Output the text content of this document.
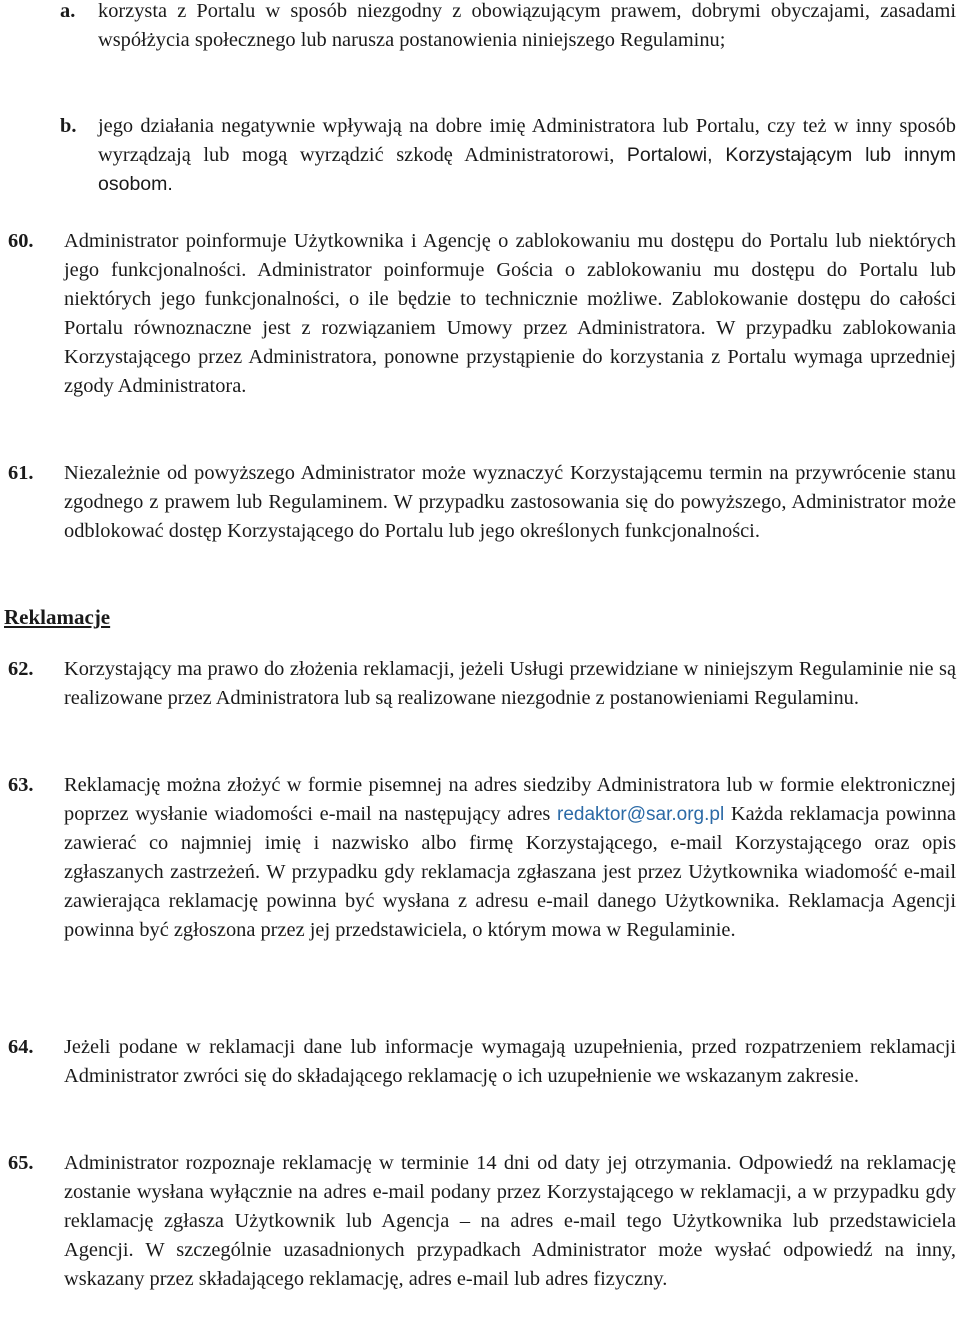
a.	korzysta z Portalu w sposób niezgodny z obowiązującym prawem, dobrymi obyczajami, zasadami współżycia społecznego lub narusza postanowienia niniejszego Regulaminu;
b.	jego działania negatywnie wpływają na dobre imię Administratora lub Portalu, czy też w inny sposób wyrządzają lub mogą wyrządzić szkodę Administratorowi, Portalowi, Korzystającym lub innym osobom.
60.	Administrator poinformuje Użytkownika i Agencję o zablokowaniu mu dostępu do Portalu lub niektórych jego funkcjonalności. Administrator poinformuje Gościa o zablokowaniu mu dostępu do Portalu lub niektórych jego funkcjonalności, o ile będzie to technicznie możliwe. Zablokowanie dostępu do całości Portalu równoznaczne jest z rozwiązaniem Umowy przez Administratora. W przypadku zablokowania Korzystającego przez Administratora, ponowne przystąpienie do korzystania z Portalu wymaga uprzedniej zgody Administratora.
61.	Niezależnie od powyższego Administrator może wyznaczyć Korzystającemu termin na przywrócenie stanu zgodnego z prawem lub Regulaminem. W przypadku zastosowania się do powyższego, Administrator może odblokować dostęp Korzystającego do Portalu lub jego określonych funkcjonalności.
Reklamacje
62.	Korzystający ma prawo do złożenia reklamacji, jeżeli Usługi przewidziane w niniejszym Regulaminie nie są realizowane przez Administratora lub są realizowane niezgodnie z postanowieniami Regulaminu.
63.	Reklamację można złożyć w formie pisemnej na adres siedziby Administratora lub w formie elektronicznej poprzez wysłanie wiadomości e-mail na następujący adres redaktor@sar.org.pl Każda reklamacja powinna zawierać co najmniej imię i nazwisko albo firmę Korzystającego, e-mail Korzystającego oraz opis zgłaszanych zastrzeżeń. W przypadku gdy reklamacja zgłaszana jest przez Użytkownika wiadomość e-mail zawierająca reklamację powinna być wysłana z adresu e-mail danego Użytkownika. Reklamacja Agencji powinna być zgłoszona przez jej przedstawiciela, o którym mowa w Regulaminie.
64.	Jeżeli podane w reklamacji dane lub informacje wymagają uzupełnienia, przed rozpatrzeniem reklamacji Administrator zwróci się do składającego reklamację o ich uzupełnienie we wskazanym zakresie.
65.	Administrator rozpoznaje reklamację w terminie 14 dni od daty jej otrzymania. Odpowiedź na reklamację zostanie wysłana wyłącznie na adres e-mail podany przez Korzystającego w reklamacji, a w przypadku gdy reklamację zgłasza Użytkownik lub Agencja – na adres e-mail tego Użytkownika lub przedstawiciela Agencji. W szczególnie uzasadnionych przypadkach Administrator może wysłać odpowiedź na inny, wskazany przez składającego reklamację, adres e-mail lub adres fizyczny.
